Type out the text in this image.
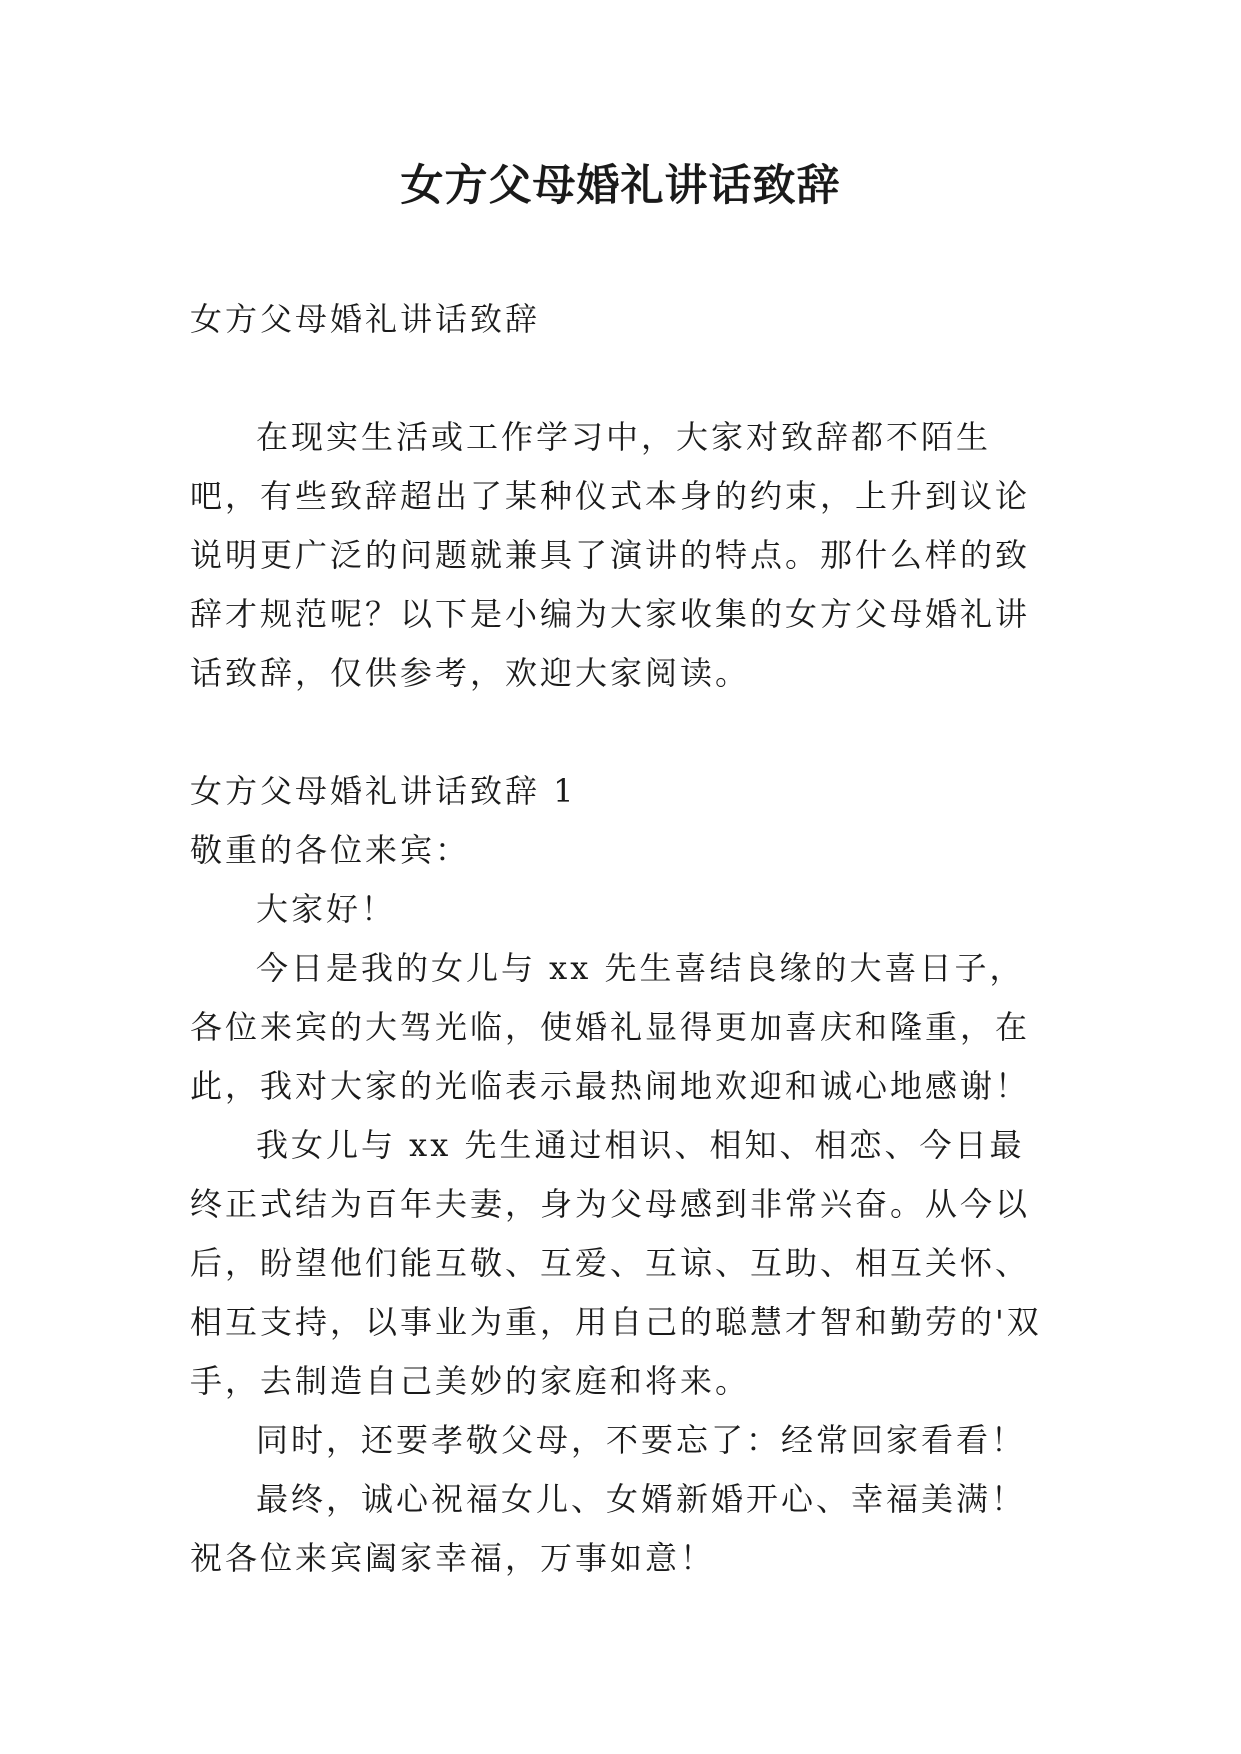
女方父母婚礼讲话致辞

女方父母婚礼讲话致辞

在现实生活或工作学习中，大家对致辞都不陌生吧，有些致辞超出了某种仪式本身的约束，上升到议论说明更广泛的问题就兼具了演讲的特点。那什么样的致辞才规范呢？以下是小编为大家收集的女方父母婚礼讲话致辞，仅供参考，欢迎大家阅读。

女方父母婚礼讲话致辞 1

敬重的各位来宾：

大家好！

今日是我的女儿与 xx 先生喜结良缘的大喜日子，各位来宾的大驾光临，使婚礼显得更加喜庆和隆重，在此，我对大家的光临表示最热闹地欢迎和诚心地感谢！

我女儿与 xx 先生通过相识、相知、相恋、今日最终正式结为百年夫妻，身为父母感到非常兴奋。从今以后，盼望他们能互敬、互爱、互谅、互助、相互关怀、相互支持，以事业为重，用自己的聪慧才智和勤劳的'双手，去制造自己美妙的家庭和将来。

同时，还要孝敬父母，不要忘了：经常回家看看！

最终，诚心祝福女儿、女婿新婚开心、幸福美满！祝各位来宾阖家幸福，万事如意！
